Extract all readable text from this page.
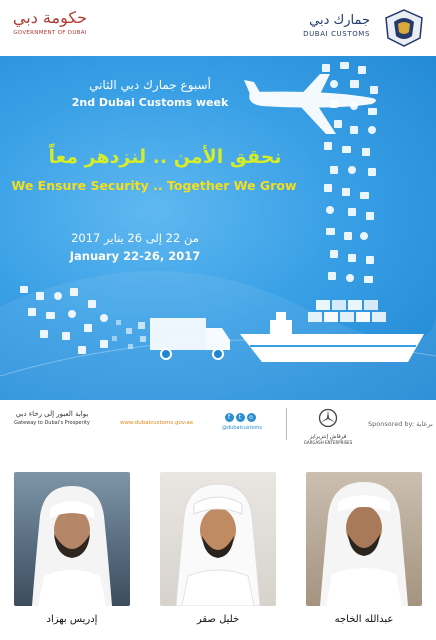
حكومة دبي
GOVERNMENT OF DUBAI
جمارك دبي
DUBAI CUSTOMS
أسبوع جمارك دبي الثاني
2nd Dubai Customs week
نحقق الأمن .. لنزدهر معاً
We Ensure Security .. Together We Grow
من 22 إلى 26 يناير 2017
January 22-26, 2017
بوابة العبور إلى رخاء دبي
Gateway to Dubai's Prosperity	www.dubaicustoms.gov.ae
f	t	o
@dubaicustoms
قرقاش إنتربرايز
GARGASH ENTERPRISES
Sponsored by: برعاية
إدريس بهزاد	خليل صقر	عبدالله الخاجه
